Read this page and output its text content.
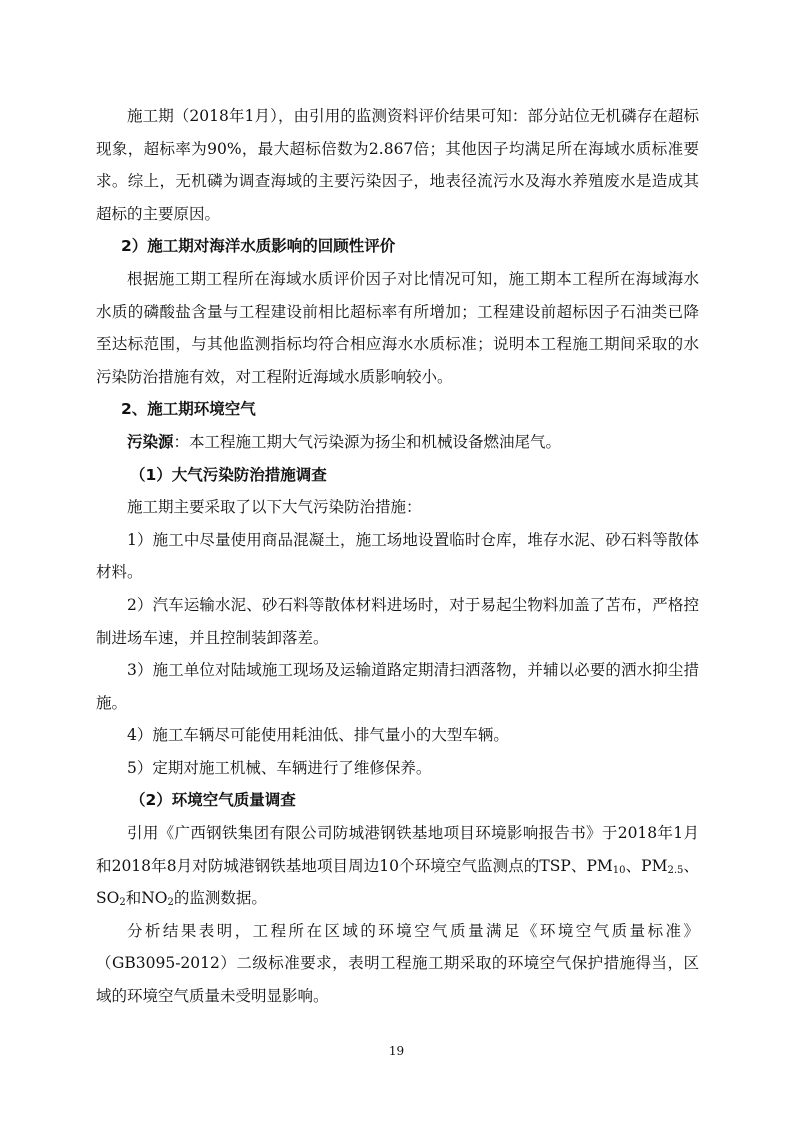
施工期（2018年1月），由引用的监测资料评价结果可知：部分站位无机磷存在超标现象，超标率为90%，最大超标倍数为2.867倍；其他因子均满足所在海域水质标准要求。综上，无机磷为调查海域的主要污染因子，地表径流污水及海水养殖废水是造成其超标的主要原因。

2）施工期对海洋水质影响的回顾性评价

根据施工期工程所在海域水质评价因子对比情况可知，施工期本工程所在海域海水水质的磷酸盐含量与工程建设前相比超标率有所增加；工程建设前超标因子石油类已降至达标范围，与其他监测指标均符合相应海水水质标准；说明本工程施工期间采取的水污染防治措施有效，对工程附近海域水质影响较小。

2、施工期环境空气

污染源：本工程施工期大气污染源为扬尘和机械设备燃油尾气。

（1）大气污染防治措施调查

施工期主要采取了以下大气污染防治措施：

1）施工中尽量使用商品混凝土，施工场地设置临时仓库，堆存水泥、砂石料等散体材料。

2）汽车运输水泥、砂石料等散体材料进场时，对于易起尘物料加盖了苫布，严格控制进场车速，并且控制装卸落差。

3）施工单位对陆域施工现场及运输道路定期清扫洒落物，并辅以必要的洒水抑尘措施。

4）施工车辆尽可能使用耗油低、排气量小的大型车辆。

5）定期对施工机械、车辆进行了维修保养。

（2）环境空气质量调查

引用《广西钢铁集团有限公司防城港钢铁基地项目环境影响报告书》于2018年1月和2018年8月对防城港钢铁基地项目周边10个环境空气监测点的TSP、$PM_{10}$、$PM_{2.5}$、$SO_2$和$NO_2$的监测数据。

分析结果表明，工程所在区域的环境空气质量满足《环境空气质量标准》（GB3095-2012）二级标准要求，表明工程施工期采取的环境空气保护措施得当，区域的环境空气质量未受明显影响。

19
